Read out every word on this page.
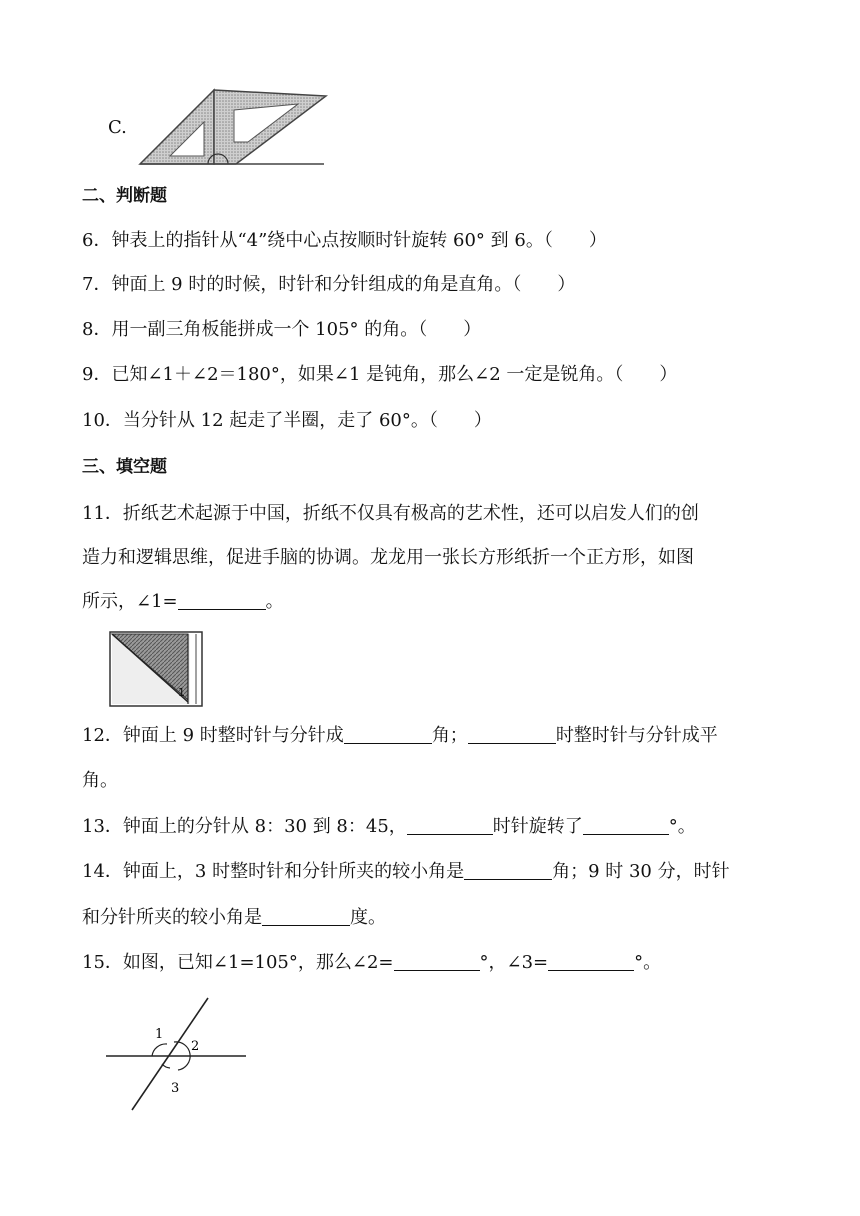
C.
二、判断题
6．钟表上的指针从“4”绕中心点按顺时针旋转 60° 到 6。（　　）
7．钟面上 9 时的时候，时针和分针组成的角是直角。（　　）
8．用一副三角板能拼成一个 105° 的角。（　　）
9．已知∠1＋∠2＝180°，如果∠1 是钝角，那么∠2 一定是锐角。（　　）
10．当分针从 12 起走了半圈，走了 60°。（　　）
三、填空题
11．折纸艺术起源于中国，折纸不仅具有极高的艺术性，还可以启发人们的创
造力和逻辑思维，促进手脑的协调。龙龙用一张长方形纸折一个正方形，如图
所示，∠1=	。
1
12．钟面上 9 时整时针与分针成	角；	时整时针与分针成平
角。
13．钟面上的分针从 8：30 到 8：45，	时针旋转了	°。
14．钟面上，3 时整时针和分针所夹的较小角是	角；9 时 30 分，时针
和分针所夹的较小角是	度。
15．如图，已知∠1=105°，那么∠2=	°，∠3=	°。
1
2
3
